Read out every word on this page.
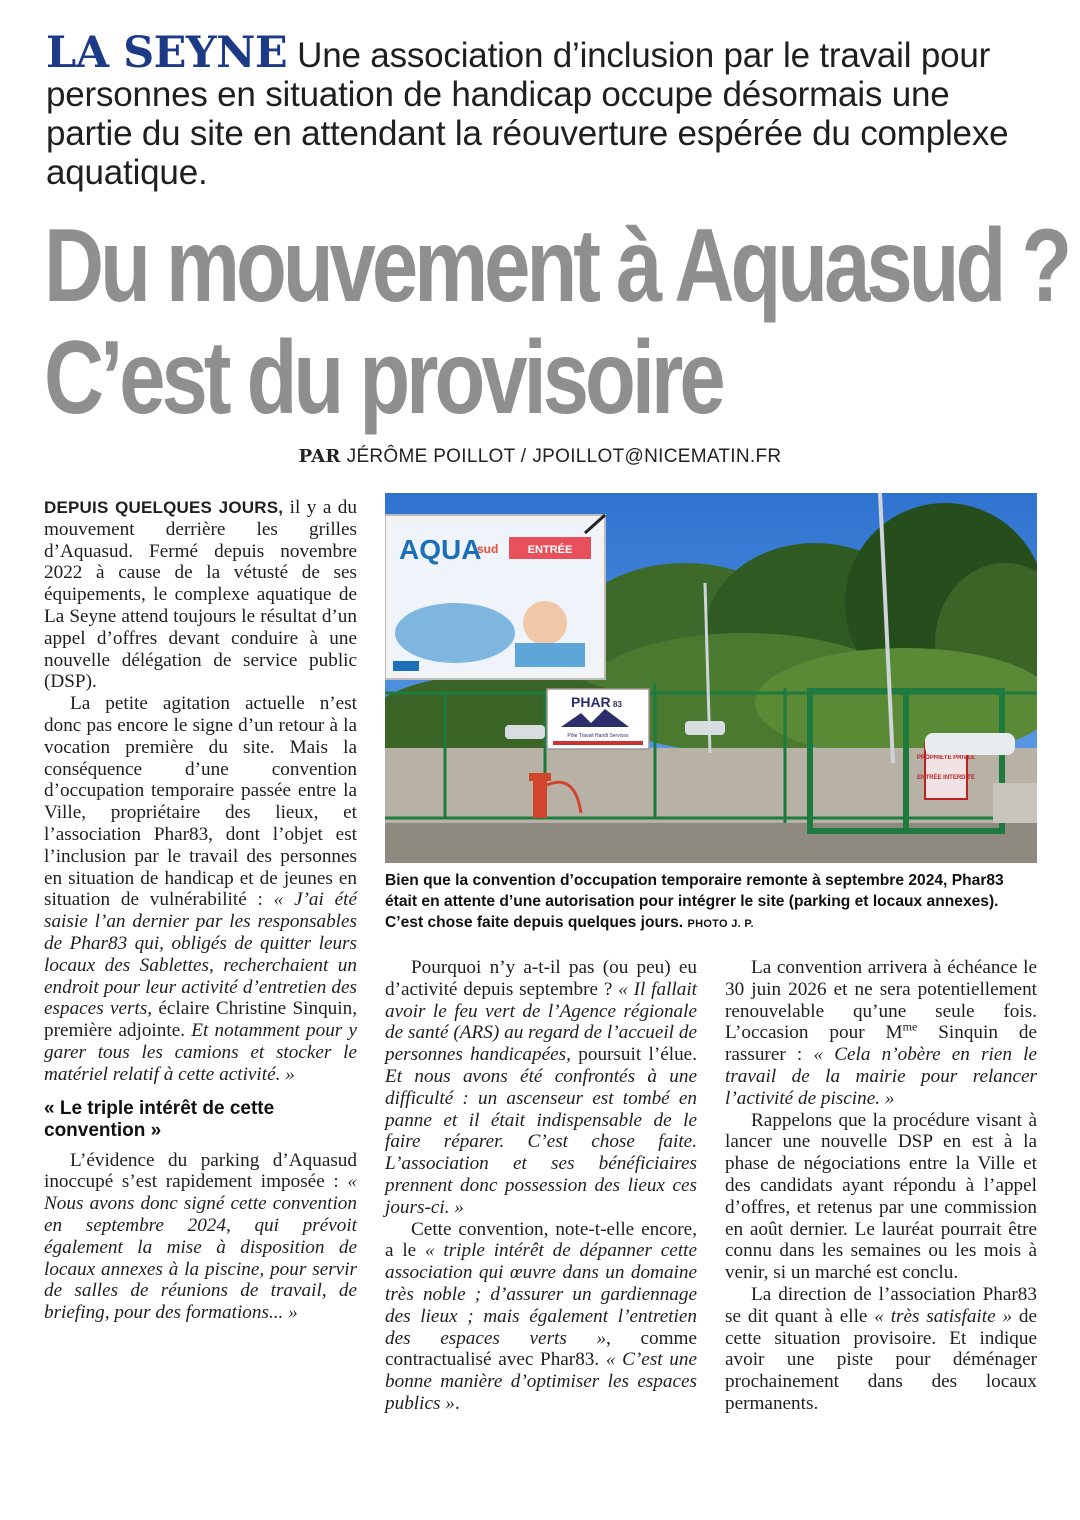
LA SEYNE Une association d’inclusion par le travail pour personnes en situation de handicap occupe désormais une partie du site en attendant la réouverture espérée du complexe aquatique.
Du mouvement à Aquasud ?
C’est du provisoire
PAR JÉRÔME POILLOT / JPOILLOT@NICEMATIN.FR

DEPUIS QUELQUES JOURS, il y a du mouvement derrière les grilles d’Aquasud. Fermé depuis novembre 2022 à cause de la vétusté de ses équipements, le complexe aquatique de La Seyne attend toujours le résultat d’un appel d’offres devant conduire à une nouvelle délégation de service public (DSP).

La petite agitation actuelle n’est donc pas encore le signe d’un retour à la vocation première du site. Mais la conséquence d’une convention d’occupation temporaire passée entre la Ville, propriétaire des lieux, et l’association Phar83, dont l’objet est l’inclusion par le travail des personnes en situation de handicap et de jeunes en situation de vulnérabilité : « J’ai été saisie l’an dernier par les responsables de Phar83 qui, obligés de quitter leurs locaux des Sablettes, recherchaient un endroit pour leur activité d’entretien des espaces verts, éclaire Christine Sinquin, première adjointe. Et notamment pour y garer tous les camions et stocker le matériel relatif à cette activité. »

« Le triple intérêt de cette convention »

L’évidence du parking d’Aquasud inoccupé s’est rapidement imposée : « Nous avons donc signé cette convention en septembre 2024, qui prévoit également la mise à disposition de locaux annexes à la piscine, pour servir de salles de réunions de travail, de briefing, pour des formations... »

PROPRIÉTÉ PRIVÉE
ENTRÉE INTERDITE
AQUA
sud	ENTRÉE
PHAR 83
Pôle Travail Handi Services
Bien que la convention d’occupation temporaire remonte à septembre 2024, Phar83 était en attente d’une autorisation pour intégrer le site (parking et locaux annexes). C’est chose faite depuis quelques jours. PHOTO J. P.

Pourquoi n’y a-t-il pas (ou peu) eu d’activité depuis septembre ? « Il fallait avoir le feu vert de l’Agence régionale de santé (ARS) au regard de l’accueil de personnes handicapées, poursuit l’élue. Et nous avons été confrontés à une difficulté : un ascenseur est tombé en panne et il était indispensable de le faire réparer. C’est chose faite. L’association et ses bénéficiaires prennent donc possession des lieux ces jours-ci. »

Cette convention, note-t-elle encore, a le « triple intérêt de dépanner cette association qui œuvre dans un domaine très noble ; d’assurer un gardiennage des lieux ; mais également l’entretien des espaces verts », comme contractualisé avec Phar83. « C’est une bonne manière d’optimiser les espaces publics ».

La convention arrivera à échéance le 30 juin 2026 et ne sera potentiellement renouvelable qu’une seule fois. L’occasion pour $M^{me}$ Sinquin de rassurer : « Cela n’obère en rien le travail de la mairie pour relancer l’activité de piscine. »

Rappelons que la procédure visant à lancer une nouvelle DSP en est à la phase de négociations entre la Ville et des candidats ayant répondu à l’appel d’offres, et retenus par une commission en août dernier. Le lauréat pourrait être connu dans les semaines ou les mois à venir, si un marché est conclu.

La direction de l’association Phar83 se dit quant à elle « très satisfaite » de cette situation provisoire. Et indique avoir une piste pour déménager prochainement dans des locaux permanents.
